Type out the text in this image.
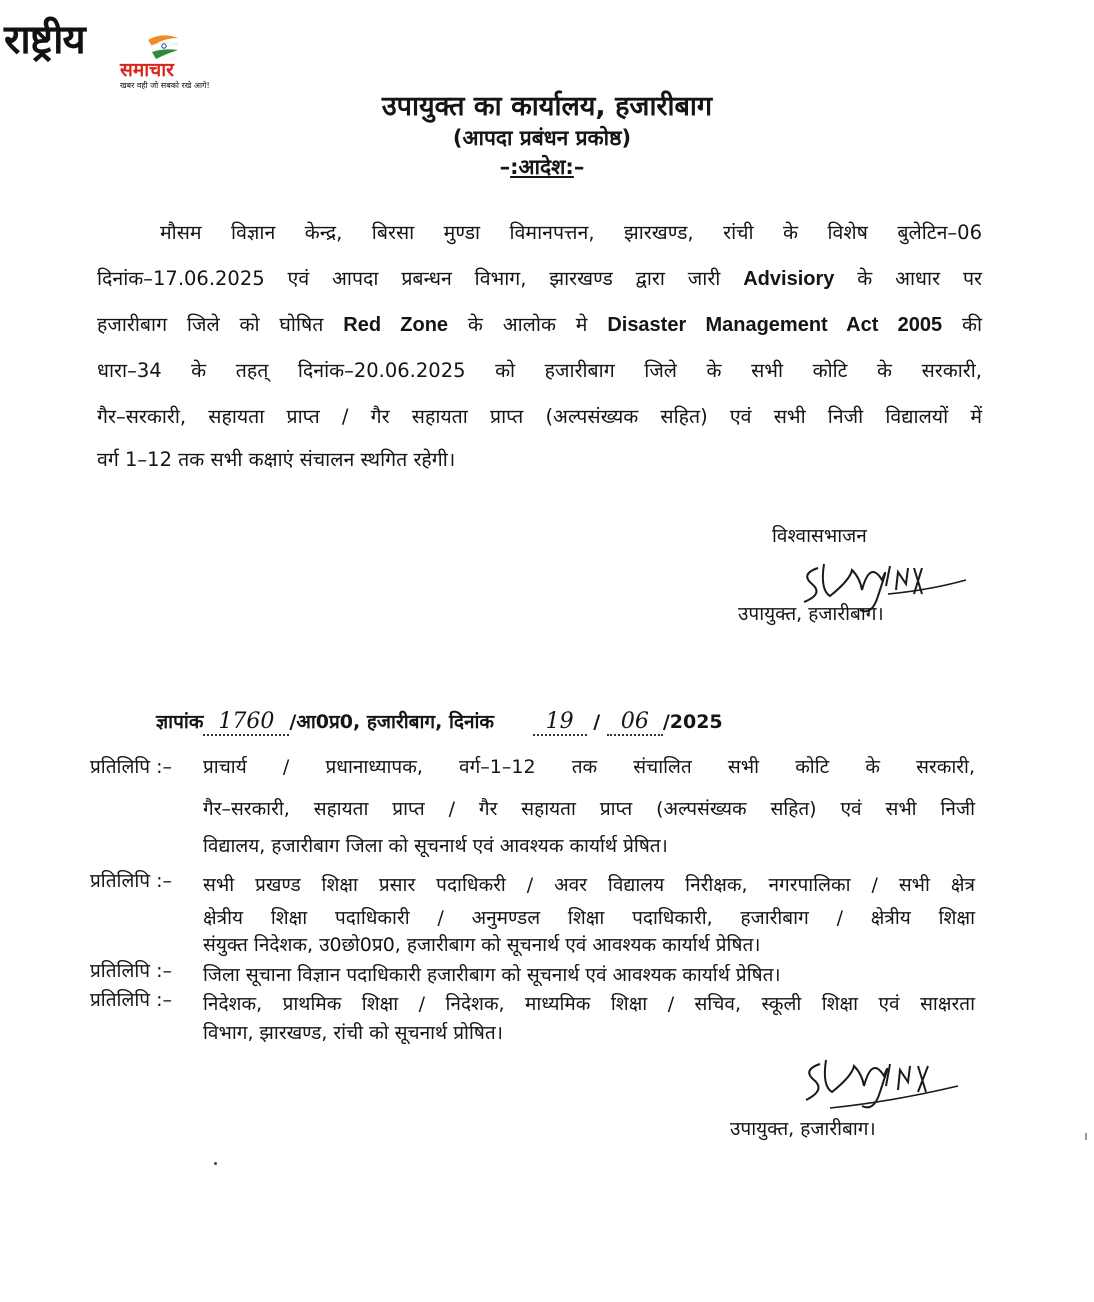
राष्ट्रीय
समाचार
खबर वही जो सबको रखे आगे!
उपायुक्त का कार्यालय, हजारीबाग
(आपदा प्रबंधन प्रकोष्ठ)
–:आदेश:–
मौसम विज्ञान केन्द्र, बिरसा मुण्डा विमानपत्तन, झारखण्ड, रांची के विशेष बुलेटिन–06
दिनांक–17.06.2025 एवं आपदा प्रबन्धन विभाग, झारखण्ड द्वारा जारी Advisiory के आधार पर
हजारीबाग जिले को घोषित Red Zone के आलोक मे Disaster Management Act 2005 की
धारा–34 के तहत् दिनांक–20.06.2025 को हजारीबाग जिले के सभी कोटि के सरकारी,
गैर–सरकारी, सहायता प्राप्त / गैर सहायता प्राप्त (अल्पसंख्यक सहित) एवं सभी निजी विद्यालयों में
वर्ग 1–12 तक सभी कक्षाएं संचालन स्थगित रहेगी।
विश्वासभाजन
उपायुक्त, हजारीबाग।
ज्ञापांक 1760 /आ0प्र0, हजारीबाग, दिनांक 19 / 06 /2025
प्रतिलिपि :– प्राचार्य / प्रधानाध्यापक, वर्ग–1–12 तक संचालित सभी कोटि के सरकारी,
गैर–सरकारी, सहायता प्राप्त / गैर सहायता प्राप्त (अल्पसंख्यक सहित) एवं सभी निजी
विद्यालय, हजारीबाग जिला को सूचनार्थ एवं आवश्यक कार्यार्थ प्रेषित।
प्रतिलिपि :– सभी प्रखण्ड शिक्षा प्रसार पदाधिकरी / अवर विद्यालय निरीक्षक, नगरपालिका / सभी क्षेत्र
क्षेत्रीय शिक्षा पदाधिकारी / अनुमण्डल शिक्षा पदाधिकारी, हजारीबाग / क्षेत्रीय शिक्षा
संयुक्त निदेशक, उ0छो0प्र0, हजारीबाग को सूचनार्थ एवं आवश्यक कार्यार्थ प्रेषित।
प्रतिलिपि :– जिला सूचाना विज्ञान पदाधिकारी हजारीबाग को सूचनार्थ एवं आवश्यक कार्यार्थ प्रेषित।
प्रतिलिपि :– निदेशक, प्राथमिक शिक्षा / निदेशक, माध्यमिक शिक्षा / सचिव, स्कूली शिक्षा एवं साक्षरता
विभाग, झारखण्ड, रांची को सूचनार्थ प्रोषित।
उपायुक्त, हजारीबाग।
